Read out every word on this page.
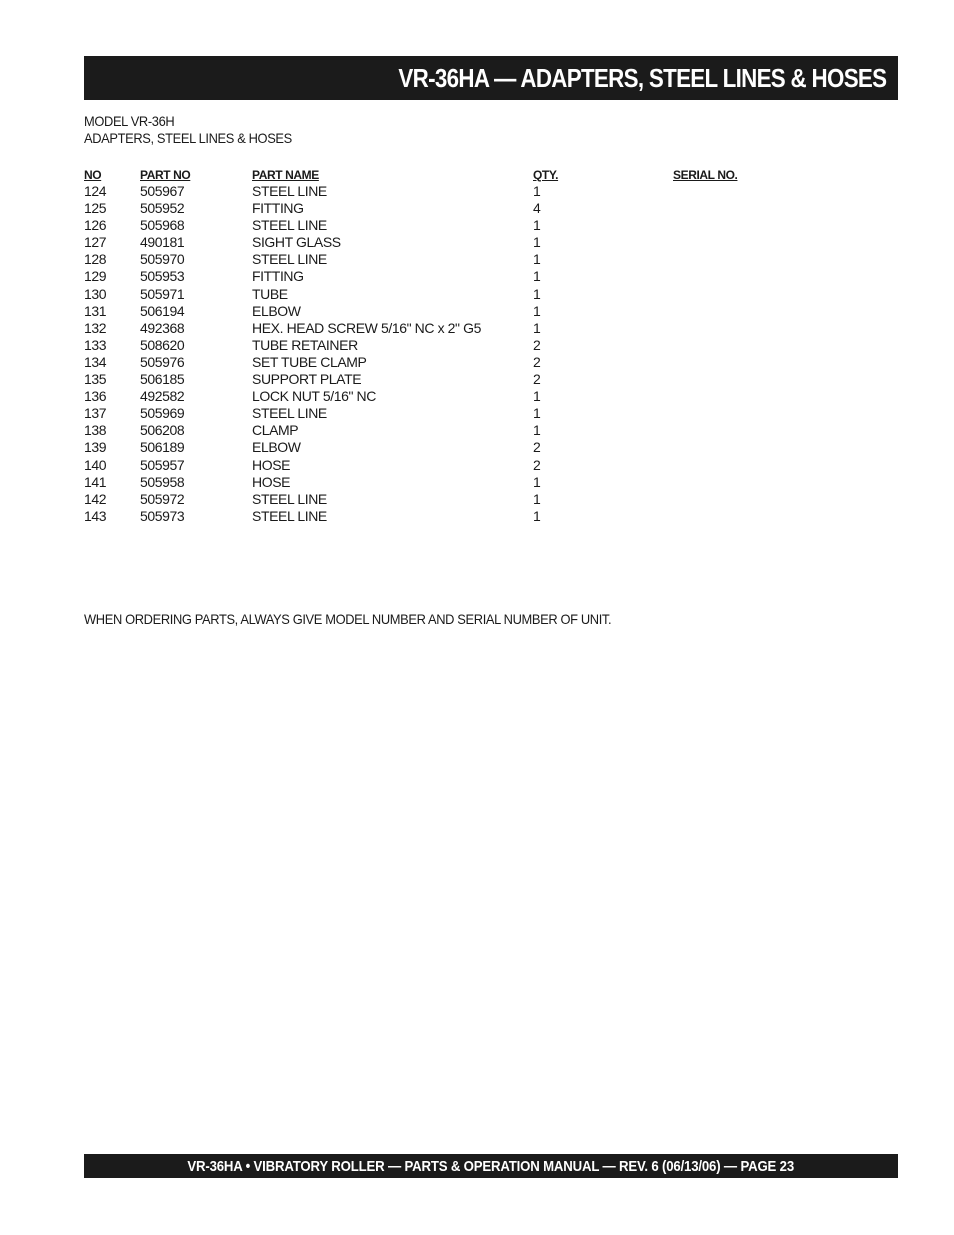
VR-36HA — ADAPTERS, STEEL LINES & HOSES
MODEL VR-36H
ADAPTERS, STEEL LINES & HOSES
NO	PART NO	PART NAME	QTY.	SERIAL NO.
124 505967	STEEL LINE	1
125 505952	FITTING	4
126 505968	STEEL LINE	1
127 490181	SIGHT GLASS	1
128 505970	STEEL LINE	1
129 505953	FITTING	1
130 505971	TUBE	1
131 506194	ELBOW	1
132 492368	HEX. HEAD SCREW 5/16" NC x 2" G5	1
133 508620	TUBE RETAINER	2
134 505976	SET TUBE CLAMP	2
135 506185	SUPPORT PLATE	2
136 492582	LOCK NUT 5/16" NC	1
137 505969	STEEL LINE	1
138 506208	CLAMP	1
139 506189	ELBOW	2
140 505957	HOSE	2
141 505958	HOSE	1
142 505972	STEEL LINE	1
143 505973	STEEL LINE	1
WHEN ORDERING PARTS, ALWAYS GIVE MODEL NUMBER AND SERIAL NUMBER OF UNIT.
VR-36HA • VIBRATORY ROLLER — PARTS & OPERATION MANUAL — REV. 6 (06/13/06) — PAGE 23
